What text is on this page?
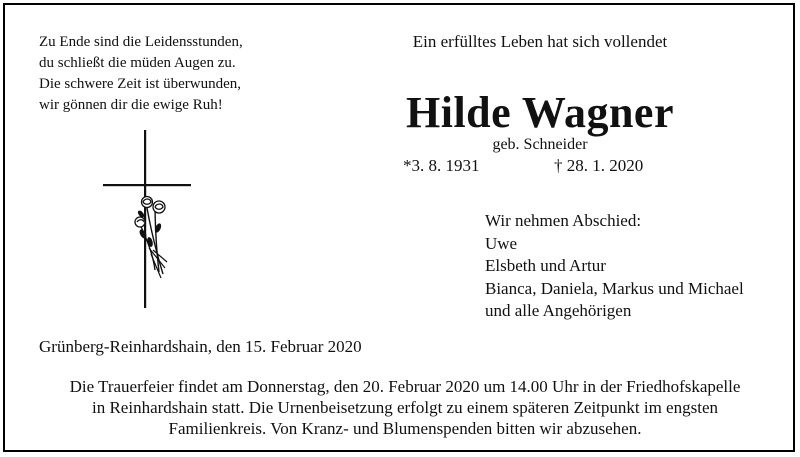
Zu Ende sind die Leidensstunden,
du schließt die müden Augen zu.
Die schwere Zeit ist überwunden,
wir gönnen dir die ewige Ruh!
Ein erfülltes Leben hat sich vollendet
Hilde Wagner
geb. Schneider
*3. 8. 1931	† 28. 1. 2020
Wir nehmen Abschied:
Uwe
Elsbeth und Artur
Bianca, Daniela, Markus und Michael
und alle Angehörigen
Grünberg-Reinhardshain, den 15. Februar 2020
Die Trauerfeier findet am Donnerstag, den 20. Februar 2020 um 14.00 Uhr in der Friedhofskapelle
in Reinhardshain statt. Die Urnenbeisetzung erfolgt zu einem späteren Zeitpunkt im engsten
Familienkreis. Von Kranz- und Blumenspenden bitten wir abzusehen.
